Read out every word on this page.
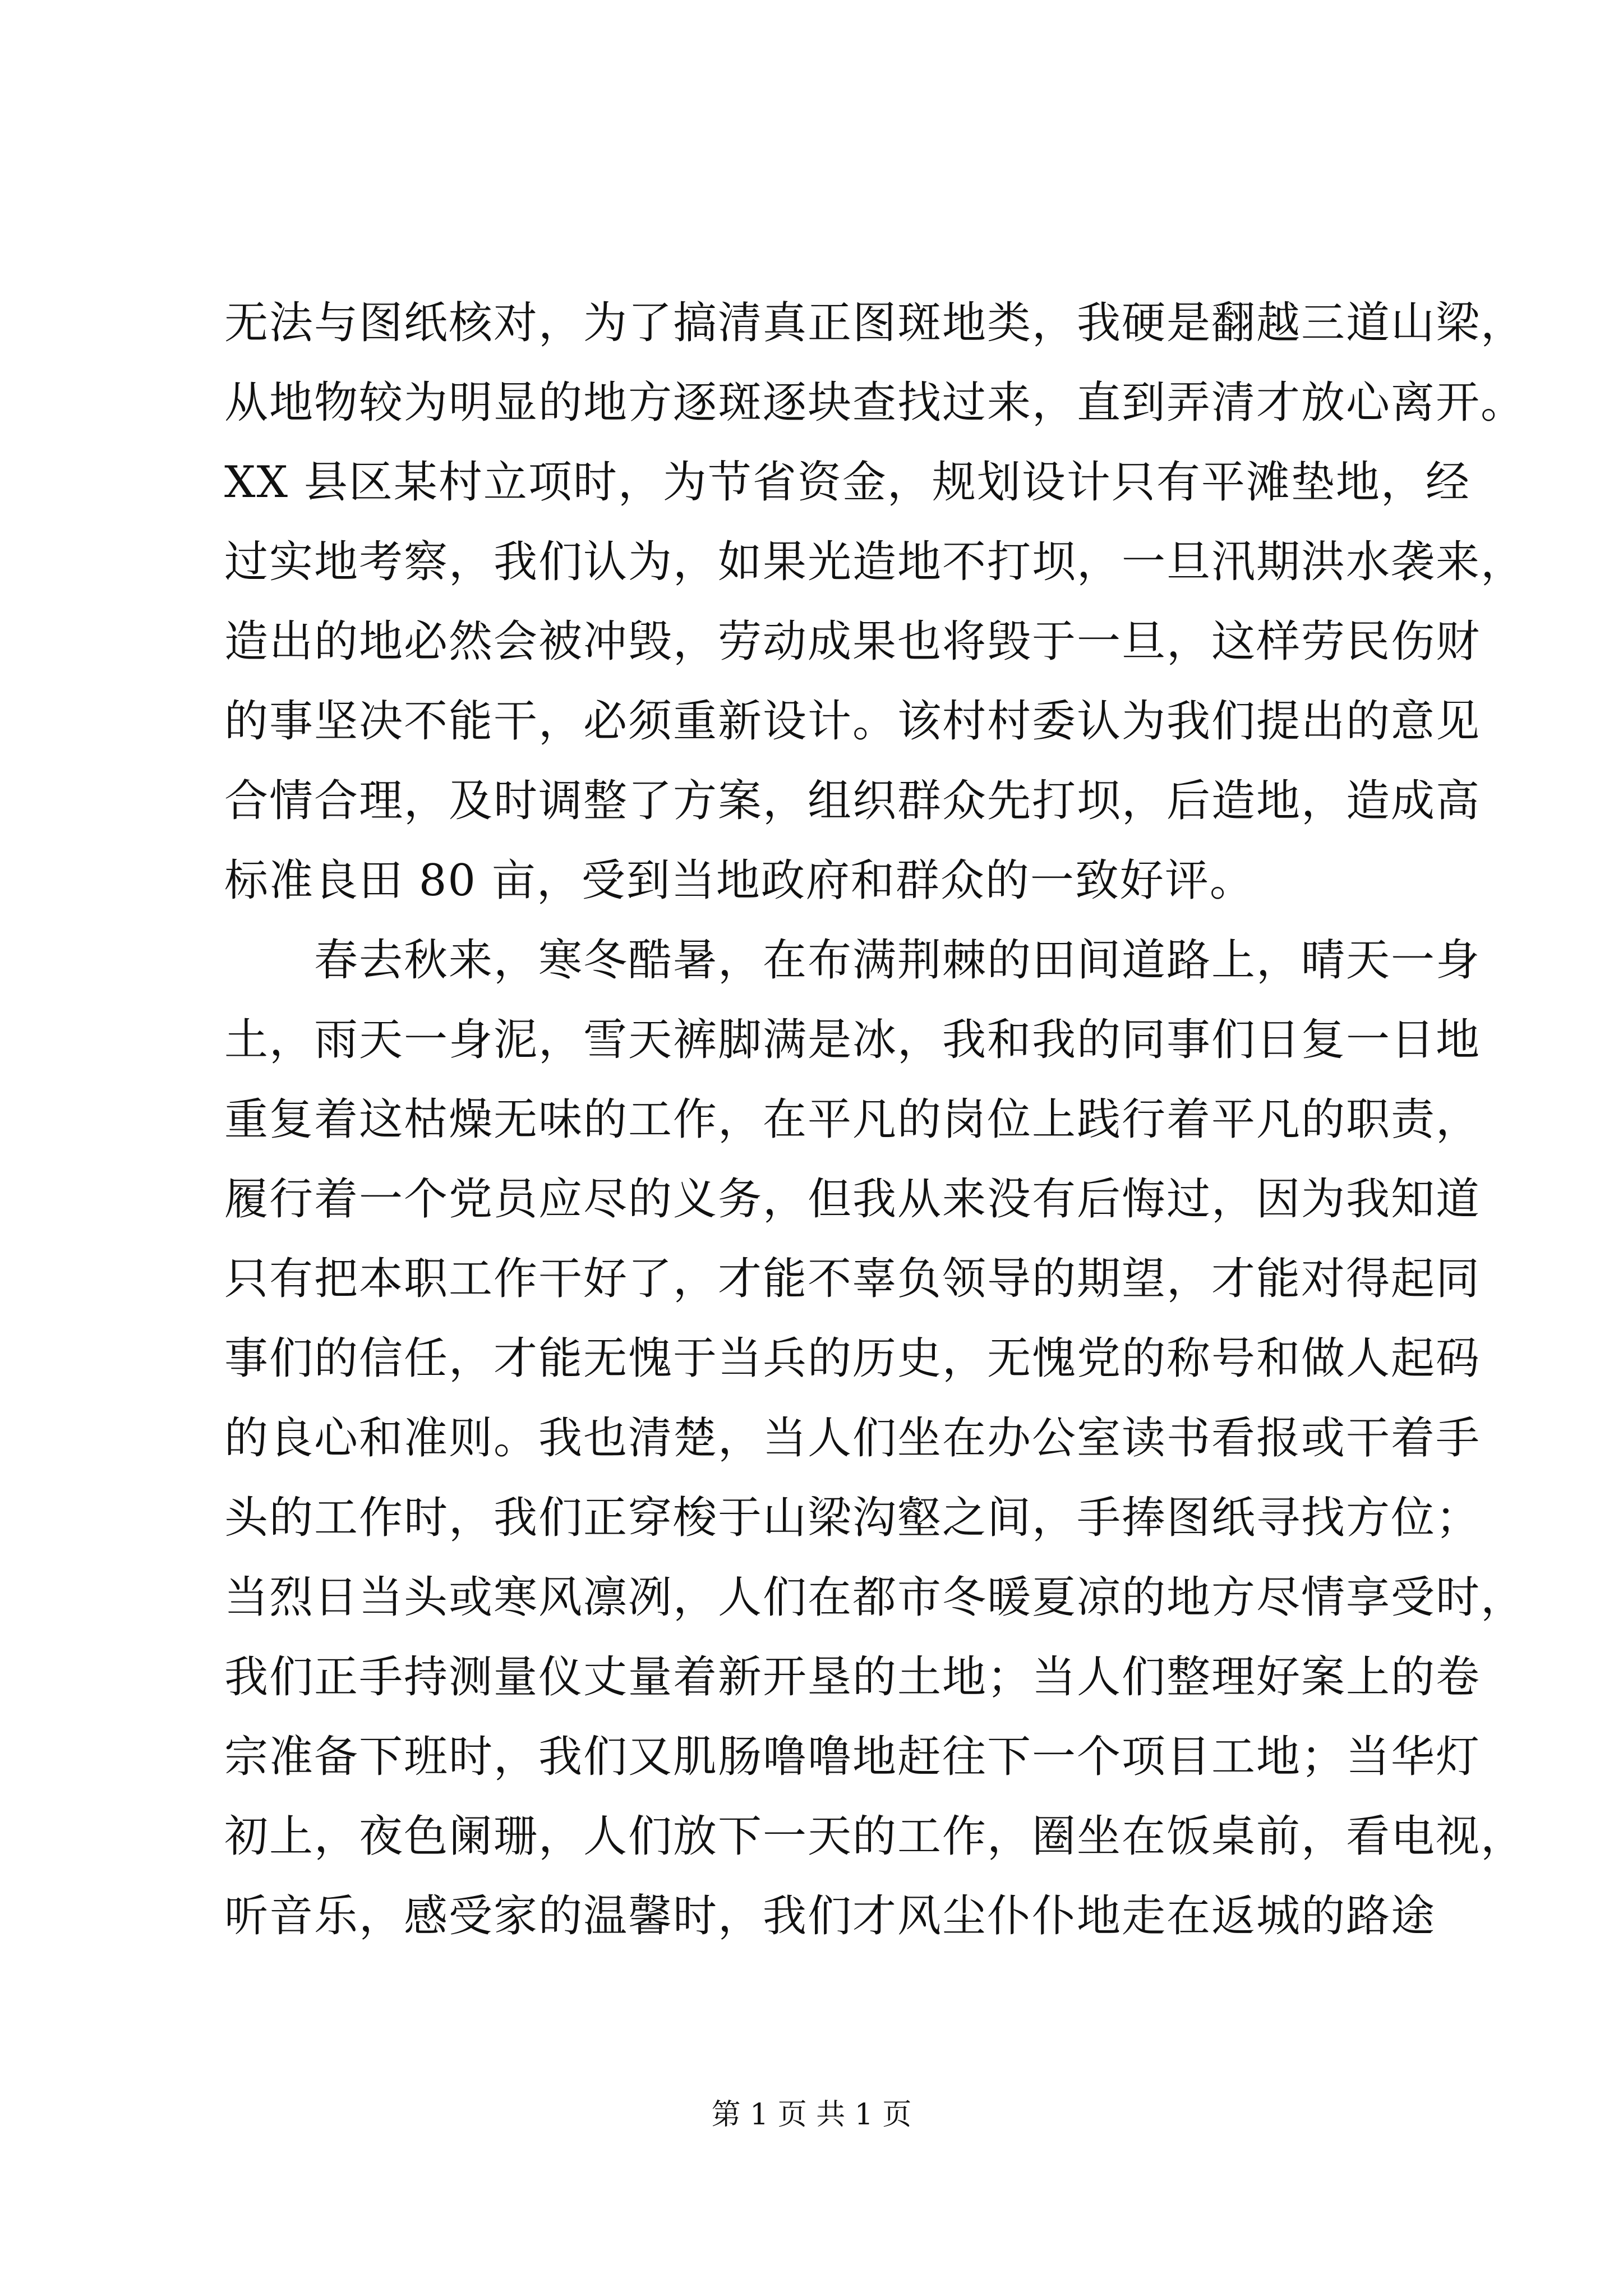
无法与图纸核对，为了搞清真正图斑地类，我硬是翻越三道山梁，
从地物较为明显的地方逐斑逐块查找过来，直到弄清才放心离开。
XX 县区某村立项时，为节省资金，规划设计只有平滩垫地，经
过实地考察，我们认为，如果光造地不打坝，一旦汛期洪水袭来，
造出的地必然会被冲毁，劳动成果也将毁于一旦，这样劳民伤财
的事坚决不能干，必须重新设计。该村村委认为我们提出的意见
合情合理，及时调整了方案，组织群众先打坝，后造地，造成高
标准良田 80 亩，受到当地政府和群众的一致好评。
春去秋来，寒冬酷暑，在布满荆棘的田间道路上，晴天一身
土，雨天一身泥，雪天裤脚满是冰，我和我的同事们日复一日地
重复着这枯燥无味的工作，在平凡的岗位上践行着平凡的职责，
履行着一个党员应尽的义务，但我从来没有后悔过，因为我知道
只有把本职工作干好了，才能不辜负领导的期望，才能对得起同
事们的信任，才能无愧于当兵的历史，无愧党的称号和做人起码
的良心和准则。我也清楚，当人们坐在办公室读书看报或干着手
头的工作时，我们正穿梭于山梁沟壑之间，手捧图纸寻找方位；
当烈日当头或寒风凛冽，人们在都市冬暖夏凉的地方尽情享受时，
我们正手持测量仪丈量着新开垦的土地；当人们整理好案上的卷
宗准备下班时，我们又肌肠噜噜地赶往下一个项目工地；当华灯
初上，夜色阑珊，人们放下一天的工作，圈坐在饭桌前，看电视，
听音乐，感受家的温馨时，我们才风尘仆仆地走在返城的路途
第 1 页 共 1 页
